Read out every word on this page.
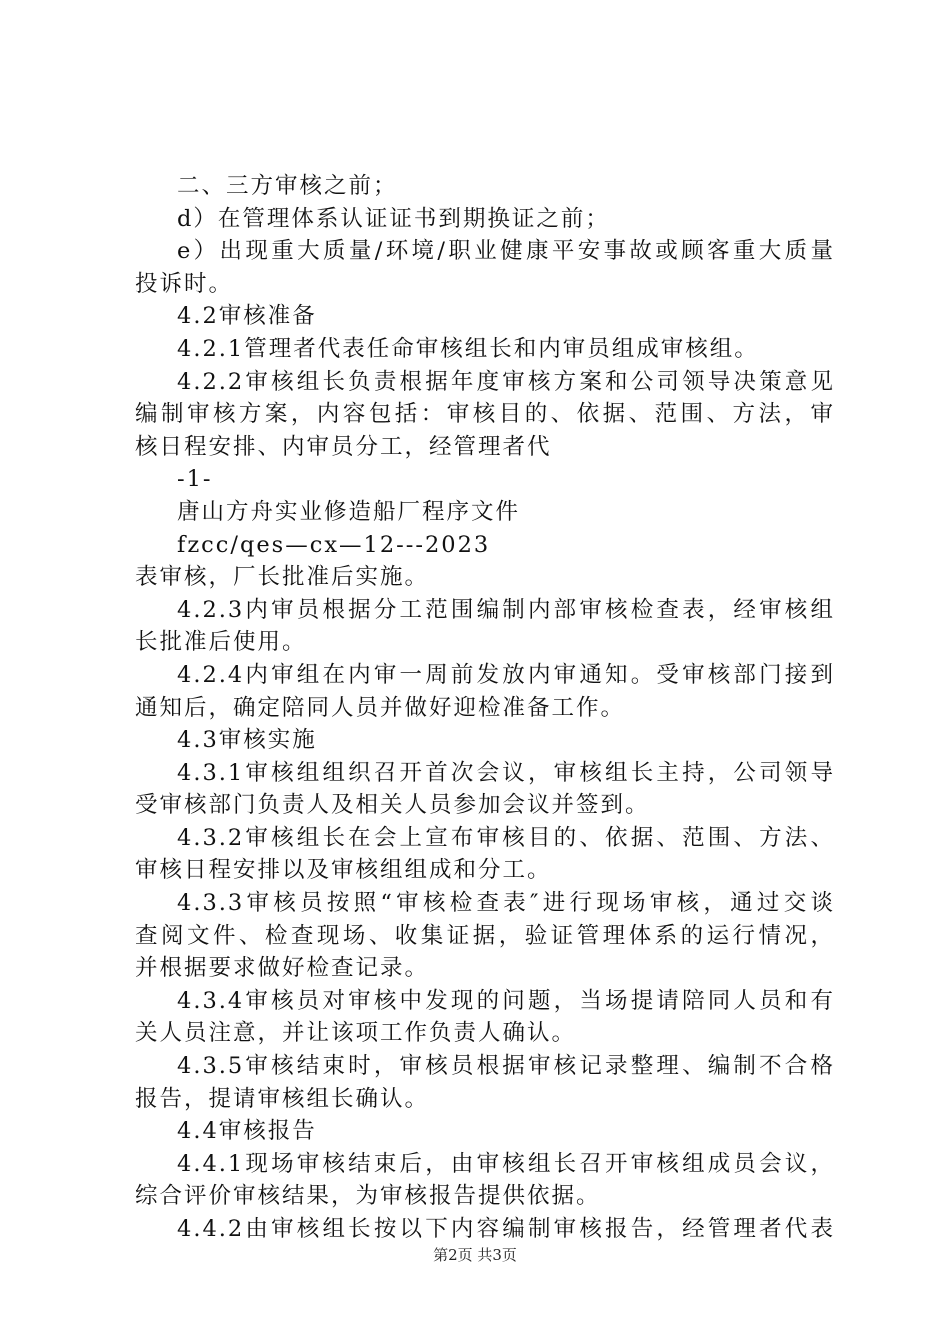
二、三方审核之前；
d）在管理体系认证证书到期换证之前；
e）出现重大质量/环境/职业健康平安事故或顾客重大质量
投诉时。
4.2审核准备
4.2.1管理者代表任命审核组长和内审员组成审核组。
4.2.2审核组长负责根据年度审核方案和公司领导决策意见
编制审核方案，内容包括：审核目的、依据、范围、方法，审
核日程安排、内审员分工，经管理者代
-1-
唐山方舟实业修造船厂程序文件
fzcc/qes—cx—12---2023
表审核，厂长批准后实施。
4.2.3内审员根据分工范围编制内部审核检查表，经审核组
长批准后使用。
4.2.4内审组在内审一周前发放内审通知。受审核部门接到
通知后，确定陪同人员并做好迎检准备工作。
4.3审核实施
4.3.1审核组组织召开首次会议，审核组长主持，公司领导
受审核部门负责人及相关人员参加会议并签到。
4.3.2审核组长在会上宣布审核目的、依据、范围、方法、
审核日程安排以及审核组组成和分工。
4.3.3审核员按照“审核检查表″进行现场审核，通过交谈
查阅文件、检查现场、收集证据，验证管理体系的运行情况，
并根据要求做好检查记录。
4.3.4审核员对审核中发现的问题，当场提请陪同人员和有
关人员注意，并让该项工作负责人确认。
4.3.5审核结束时，审核员根据审核记录整理、编制不合格
报告，提请审核组长确认。
4.4审核报告
4.4.1现场审核结束后，由审核组长召开审核组成员会议，
综合评价审核结果，为审核报告提供依据。
4.4.2由审核组长按以下内容编制审核报告，经管理者代表
第2页 共3页
